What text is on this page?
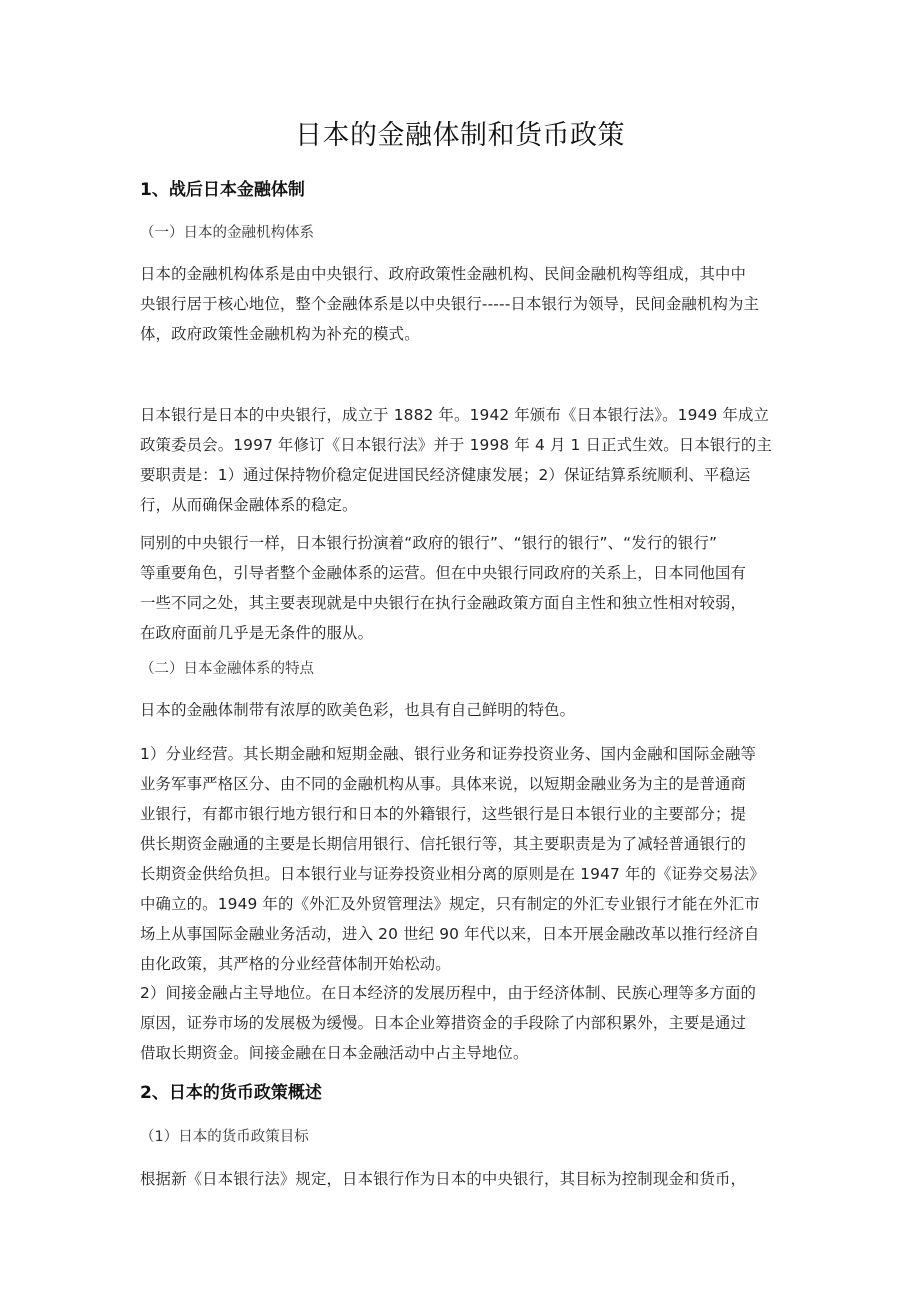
日本的金融体制和货币政策
1、战后日本金融体制
（一）日本的金融机构体系
日本的金融机构体系是由中央银行、政府政策性金融机构、民间金融机构等组成，其中中
央银行居于核心地位，整个金融体系是以中央银行-----日本银行为领导，民间金融机构为主
体，政府政策性金融机构为补充的模式。
日本银行是日本的中央银行，成立于 1882 年。1942 年颁布《日本银行法》。1949 年成立
政策委员会。1997 年修订《日本银行法》并于 1998 年 4 月 1 日正式生效。日本银行的主
要职责是：1）通过保持物价稳定促进国民经济健康发展；2）保证结算系统顺利、平稳运
行，从而确保金融体系的稳定。
同别的中央银行一样，日本银行扮演着“政府的银行”、“银行的银行”、“发行的银行”
等重要角色，引导者整个金融体系的运营。但在中央银行同政府的关系上，日本同他国有
一些不同之处，其主要表现就是中央银行在执行金融政策方面自主性和独立性相对较弱，
在政府面前几乎是无条件的服从。
（二）日本金融体系的特点
日本的金融体制带有浓厚的欧美色彩，也具有自己鲜明的特色。
1）分业经营。其长期金融和短期金融、银行业务和证券投资业务、国内金融和国际金融等
业务军事严格区分、由不同的金融机构从事。具体来说，以短期金融业务为主的是普通商
业银行，有都市银行地方银行和日本的外籍银行，这些银行是日本银行业的主要部分；提
供长期资金融通的主要是长期信用银行、信托银行等，其主要职责是为了减轻普通银行的
长期资金供给负担。日本银行业与证券投资业相分离的原则是在 1947 年的《证券交易法》
中确立的。1949 年的《外汇及外贸管理法》规定，只有制定的外汇专业银行才能在外汇市
场上从事国际金融业务活动，进入 20 世纪 90 年代以来，日本开展金融改革以推行经济自
由化政策，其严格的分业经营体制开始松动。
2）间接金融占主导地位。在日本经济的发展历程中，由于经济体制、民族心理等多方面的
原因，证券市场的发展极为缓慢。日本企业筹措资金的手段除了内部积累外，主要是通过
借取长期资金。间接金融在日本金融活动中占主导地位。
2、日本的货币政策概述
（1）日本的货币政策目标
根据新《日本银行法》规定，日本银行作为日本的中央银行，其目标为控制现金和货币，
